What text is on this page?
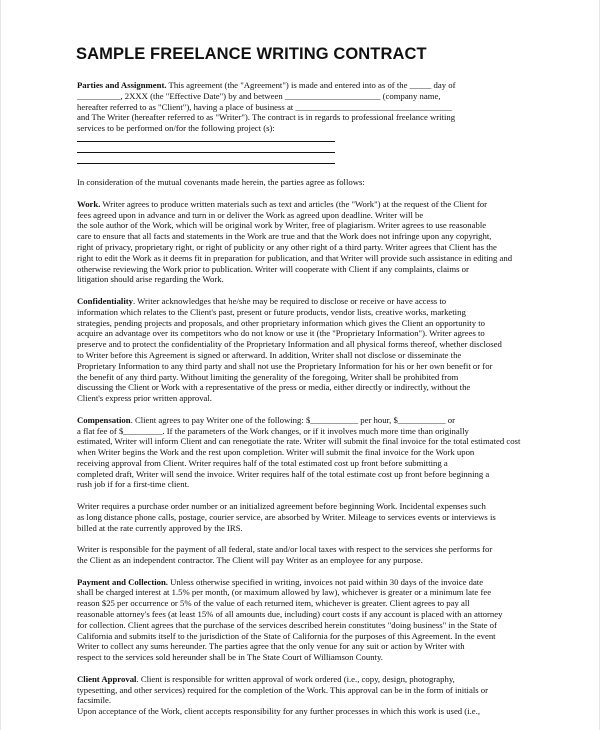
SAMPLE FREELANCE WRITING CONTRACT
Parties and Assignment. This agreement (the "Agreement") is made and entered into as of the _____ day of
__________, 2XXX (the "Effective Date") by and between ______________________ (company name,
hereafter referred to as "Client"), having a place of business at ____________________________________
and The Writer (hereafter referred to as "Writer"). The contract is in regards to professional freelance writing
services to be performed on/for the following project (s):
In consideration of the mutual covenants made herein, the parties agree as follows:
Work. Writer agrees to produce written materials such as text and articles (the "Work") at the request of the Client for
fees agreed upon in advance and turn in or deliver the Work as agreed upon deadline. Writer will be
the sole author of the Work, which will be original work by Writer, free of plagiarism. Writer agrees to use reasonable
care to ensure that all facts and statements in the Work are true and that the Work does not infringe upon any copyright,
right of privacy, proprietary right, or right of publicity or any other right of a third party. Writer agrees that Client has the
right to edit the Work as it deems fit in preparation for publication, and that Writer will provide such assistance in editing and
otherwise reviewing the Work prior to publication. Writer will cooperate with Client if any complaints, claims or
litigation should arise regarding the Work.
Confidentiality. Writer acknowledges that he/she may be required to disclose or receive or have access to
information which relates to the Client's past, present or future products, vendor lists, creative works, marketing
strategies, pending projects and proposals, and other proprietary information which gives the Client an opportunity to
acquire an advantage over its competitors who do not know or use it (the "Proprietary Information"). Writer agrees to
preserve and to protect the confidentiality of the Proprietary Information and all physical forms thereof, whether disclosed
to Writer before this Agreement is signed or afterward. In addition, Writer shall not disclose or disseminate the
Proprietary Information to any third party and shall not use the Proprietary Information for his or her own benefit or for
the benefit of any third party. Without limiting the generality of the foregoing, Writer shall be prohibited from
discussing the Client or Work with a representative of the press or media, either directly or indirectly, without the
Client's express prior written approval.
Compensation. Client agrees to pay Writer one of the following: $___________ per hour, $___________ or
a flat fee of $_________. If the parameters of the Work changes, or if it involves much more time than originally
estimated, Writer will inform Client and can renegotiate the rate. Writer will submit the final invoice for the total estimated cost
when Writer begins the Work and the rest upon completion. Writer will submit the final invoice for the Work upon
receiving approval from Client. Writer requires half of the total estimated cost up front before submitting a
completed draft, Writer will send the invoice. Writer requires half of the total estimate cost up front before beginning a
rush job if for a first-time client.
Writer requires a purchase order number or an initialized agreement before beginning Work. Incidental expenses such
as long distance phone calls, postage, courier service, are absorbed by Writer. Mileage to services events or interviews is
billed at the rate currently approved by the IRS.
Writer is responsible for the payment of all federal, state and/or local taxes with respect to the services she performs for
the Client as an independent contractor. The Client will pay Writer as an employee for any purpose.
Payment and Collection. Unless otherwise specified in writing, invoices not paid within 30 days of the invoice date
shall be charged interest at 1.5% per month, (or maximum allowed by law), whichever is greater or a minimum late fee
reason $25 per occurrence or 5% of the value of each returned item, whichever is greater. Client agrees to pay all
reasonable attorney's fees (at least 15% of all amounts due, including) court costs if any account is placed with an attorney
for collection. Client agrees that the purchase of the services described herein constitutes "doing business" in the State of
California and submits itself to the jurisdiction of the State of California for the purposes of this Agreement. In the event
Writer to collect any sums hereunder. The parties agree that the only venue for any suit or action by Writer with
respect to the services sold hereunder shall be in The State Court of Williamson County.
Client Approval. Client is responsible for written approval of work ordered (i.e., copy, design, photography,
typesetting, and other services) required for the completion of the Work. This approval can be in the form of initials or
facsimile.
Upon acceptance of the Work, client accepts responsibility for any further processes in which this work is used (i.e.,
